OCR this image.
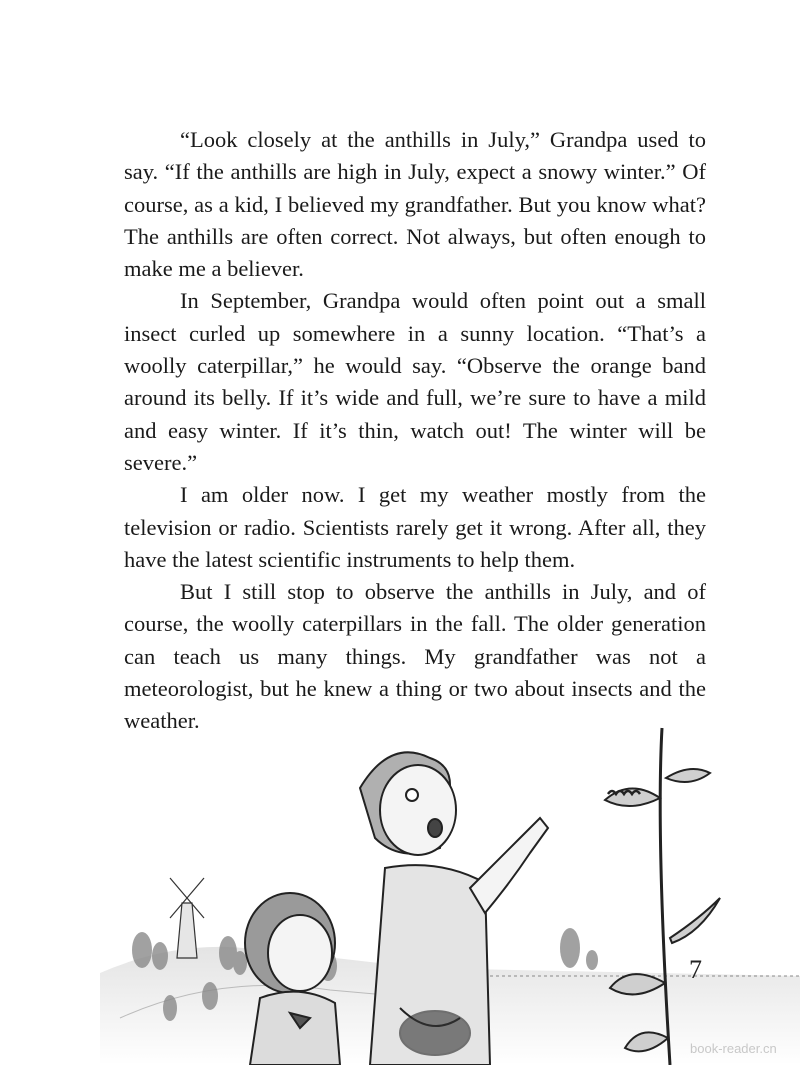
“Look closely at the anthills in July,” Grandpa used to say. “If the anthills are high in July, expect a snowy winter.” Of course, as a kid, I believed my grandfather. But you know what? The anthills are often correct. Not always, but often enough to make me a believer.

In September, Grandpa would often point out a small insect curled up somewhere in a sunny location. “That’s a woolly caterpillar,” he would say. “Observe the orange band around its belly. If it’s wide and full, we’re sure to have a mild and easy winter. If it’s thin, watch out! The winter will be severe.”

I am older now. I get my weather mostly from the television or radio. Scientists rarely get it wrong. After all, they have the latest scientific instruments to help them.

But I still stop to observe the anthills in July, and of course, the woolly caterpillars in the fall. The older generation can teach us many things. My grandfather was not a meteorologist, but he knew a thing or two about insects and the weather.

7
book-reader.cn
